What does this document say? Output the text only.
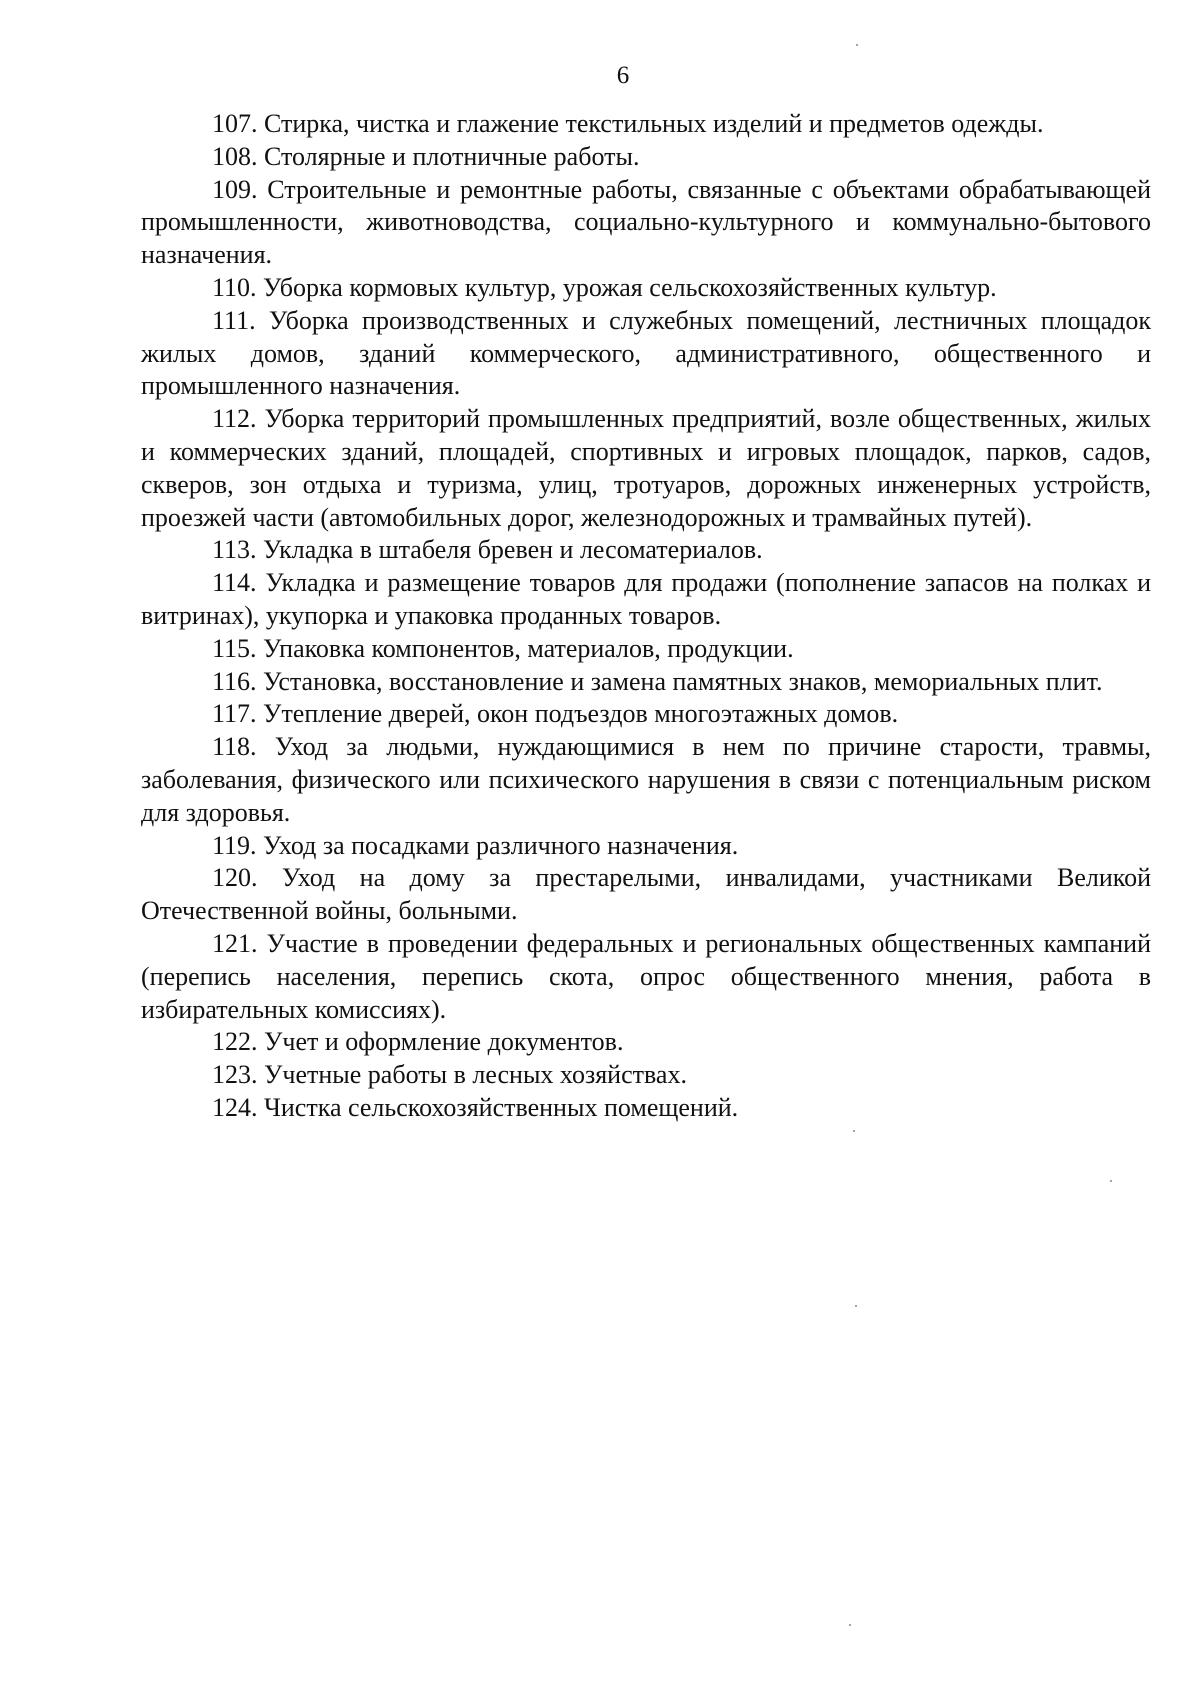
6

107. Стирка, чистка и глажение текстильных изделий и предметов одежды.

108. Столярные и плотничные работы.

109. Строительные и ремонтные работы, связанные с объектами обрабатывающей промышленности, животноводства, социально-культурного и коммунально-бытового назначения.

110. Уборка кормовых культур, урожая сельскохозяйственных культур.

111. Уборка производственных и служебных помещений, лестничных площадок жилых домов, зданий коммерческого, административного, общественного и промышленного назначения.

112. Уборка территорий промышленных предприятий, возле общественных, жилых и коммерческих зданий, площадей, спортивных и игровых площадок, парков, садов, скверов, зон отдыха и туризма, улиц, тротуаров, дорожных инженерных устройств, проезжей части (автомобильных дорог, железнодорожных и трамвайных путей).

113. Укладка в штабеля бревен и лесоматериалов.

114. Укладка и размещение товаров для продажи (пополнение запасов на полках и витринах), укупорка и упаковка проданных товаров.

115. Упаковка компонентов, материалов, продукции.

116. Установка, восстановление и замена памятных знаков, мемориальных плит.

117. Утепление дверей, окон подъездов многоэтажных домов.

118. Уход за людьми, нуждающимися в нем по причине старости, травмы, заболевания, физического или психического нарушения в связи с потенциальным риском для здоровья.

119. Уход за посадками различного назначения.

120. Уход на дому за престарелыми, инвалидами, участниками Великой Отечественной войны, больными.

121. Участие в проведении федеральных и региональных общественных кампаний (перепись населения, перепись скота, опрос общественного мнения, работа в избирательных комиссиях).

122. Учет и оформление документов.

123. Учетные работы в лесных хозяйствах.

124. Чистка сельскохозяйственных помещений.
